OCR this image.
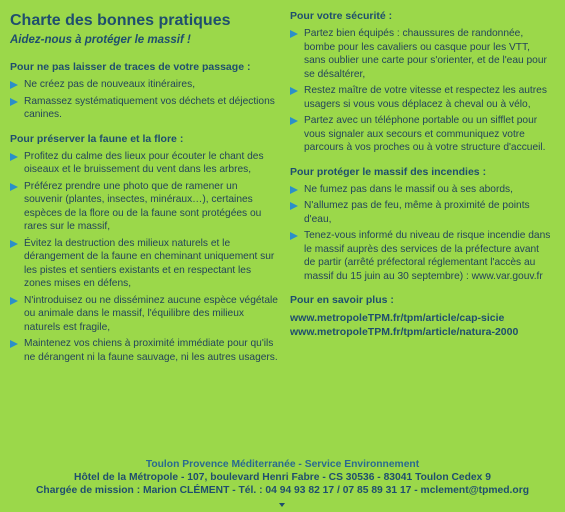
Charte des bonnes pratiques
Aidez-nous à protéger le massif !
Pour ne pas laisser de traces de votre passage :
Ne créez pas de nouveaux itinéraires,
Ramassez systématiquement vos déchets et déjections canines.
Pour préserver la faune et la flore :
Profitez du calme des lieux pour écouter le chant des oiseaux et le bruissement du vent dans les arbres,
Préférez prendre une photo que de ramener un souvenir (plantes, insectes, minéraux…), certaines espèces de la flore ou de la faune sont protégées ou rares sur le massif,
Évitez la destruction des milieux naturels et le dérangement de la faune en cheminant uniquement sur les pistes et sentiers existants et en respectant les zones mises en défens,
N'introduisez ou ne disséminez aucune espèce végétale ou animale dans le massif, l'équilibre des milieux naturels est fragile,
Maintenez vos chiens à proximité immédiate pour qu'ils ne dérangent ni la faune sauvage, ni les autres usagers.
Pour votre sécurité :
Partez bien équipés : chaussures de randonnée, bombe pour les cavaliers ou casque pour les VTT, sans oublier une carte pour s'orienter, et de l'eau pour se désaltérer,
Restez maître de votre vitesse et respectez les autres usagers si vous vous déplacez à cheval ou à vélo,
Partez avec un téléphone portable ou un sifflet pour vous signaler aux secours et communiquez votre parcours à vos proches ou à votre structure d'accueil.
Pour protéger le massif des incendies :
Ne fumez pas dans le massif ou à ses abords,
N'allumez pas de feu, même à proximité de points d'eau,
Tenez-vous informé du niveau de risque incendie dans le massif auprès des services de la préfecture avant de partir (arrêté préfectoral réglementant l'accès au massif du 15 juin au 30 septembre) : www.var.gouv.fr
Pour en savoir plus :
www.metropoleTPM.fr/tpm/article/cap-sicie
www.metropoleTPM.fr/tpm/article/natura-2000
Toulon Provence Méditerranée - Service Environnement
Hôtel de la Métropole - 107, boulevard Henri Fabre - CS 30536 - 83041 Toulon Cedex 9
Chargée de mission : Marion CLÉMENT - Tél. : 04 94 93 82 17 / 07 85 89 31 17 - mclement@tpmed.org
